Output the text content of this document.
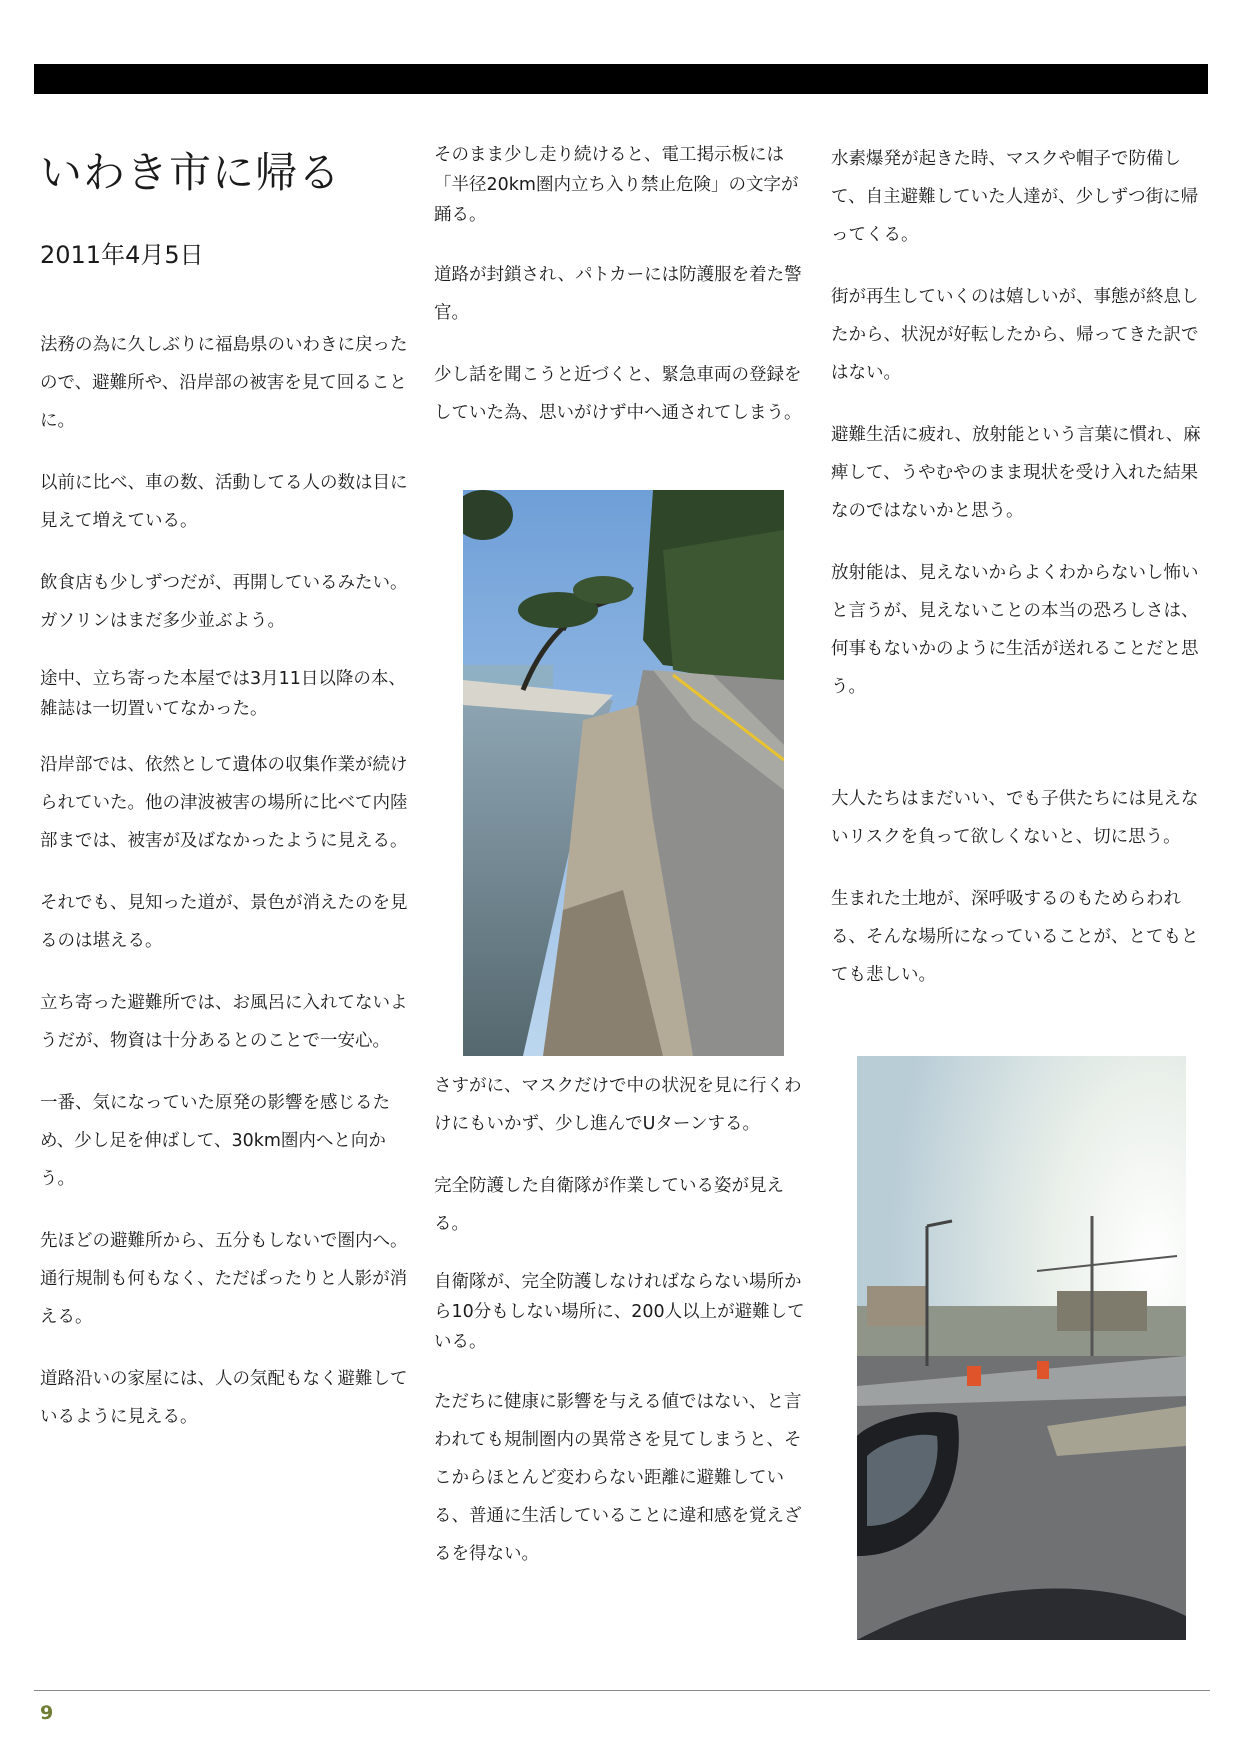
いわき市に帰る
2011年4月5日

法務の為に久しぶりに福島県のいわきに戻ったので、避難所や、沿岸部の被害を見て回ることに。

以前に比べ、車の数、活動してる人の数は目に見えて増えている。

飲食店も少しずつだが、再開しているみたい。ガソリンはまだ多少並ぶよう。

途中、立ち寄った本屋では3月11日以降の本、雑誌は一切置いてなかった。

沿岸部では、依然として遺体の収集作業が続けられていた。他の津波被害の場所に比べて内陸部までは、被害が及ばなかったように見える。

それでも、見知った道が、景色が消えたのを見るのは堪える。

立ち寄った避難所では、お風呂に入れてないようだが、物資は十分あるとのことで一安心。

一番、気になっていた原発の影響を感じるため、少し足を伸ばして、30km圏内へと向かう。

先ほどの避難所から、五分もしないで圏内へ。通行規制も何もなく、ただぱったりと人影が消える。

道路沿いの家屋には、人の気配もなく避難しているように見える。

そのまま少し走り続けると、電工掲示板には「半径20km圏内立ち入り禁止危険」の文字が踊る。

道路が封鎖され、パトカーには防護服を着た警官。

少し話を聞こうと近づくと、緊急車両の登録をしていた為、思いがけず中へ通されてしまう。

さすがに、マスクだけで中の状況を見に行くわけにもいかず、少し進んでUターンする。

完全防護した自衛隊が作業している姿が見える。

自衛隊が、完全防護しなければならない場所から10分もしない場所に、200人以上が避難している。

ただちに健康に影響を与える値ではない、と言われても規制圏内の異常さを見てしまうと、そこからほとんど変わらない距離に避難している、普通に生活していることに違和感を覚えざるを得ない。

水素爆発が起きた時、マスクや帽子で防備して、自主避難していた人達が、少しずつ街に帰ってくる。

街が再生していくのは嬉しいが、事態が終息したから、状況が好転したから、帰ってきた訳ではない。

避難生活に疲れ、放射能という言葉に慣れ、麻痺して、うやむやのまま現状を受け入れた結果なのではないかと思う。

放射能は、見えないからよくわからないし怖いと言うが、見えないことの本当の恐ろしさは、何事もないかのように生活が送れることだと思う。

大人たちはまだいい、でも子供たちには見えないリスクを負って欲しくないと、切に思う。

生まれた土地が、深呼吸するのもためらわれる、そんな場所になっていることが、とてもとても悲しい。

9
